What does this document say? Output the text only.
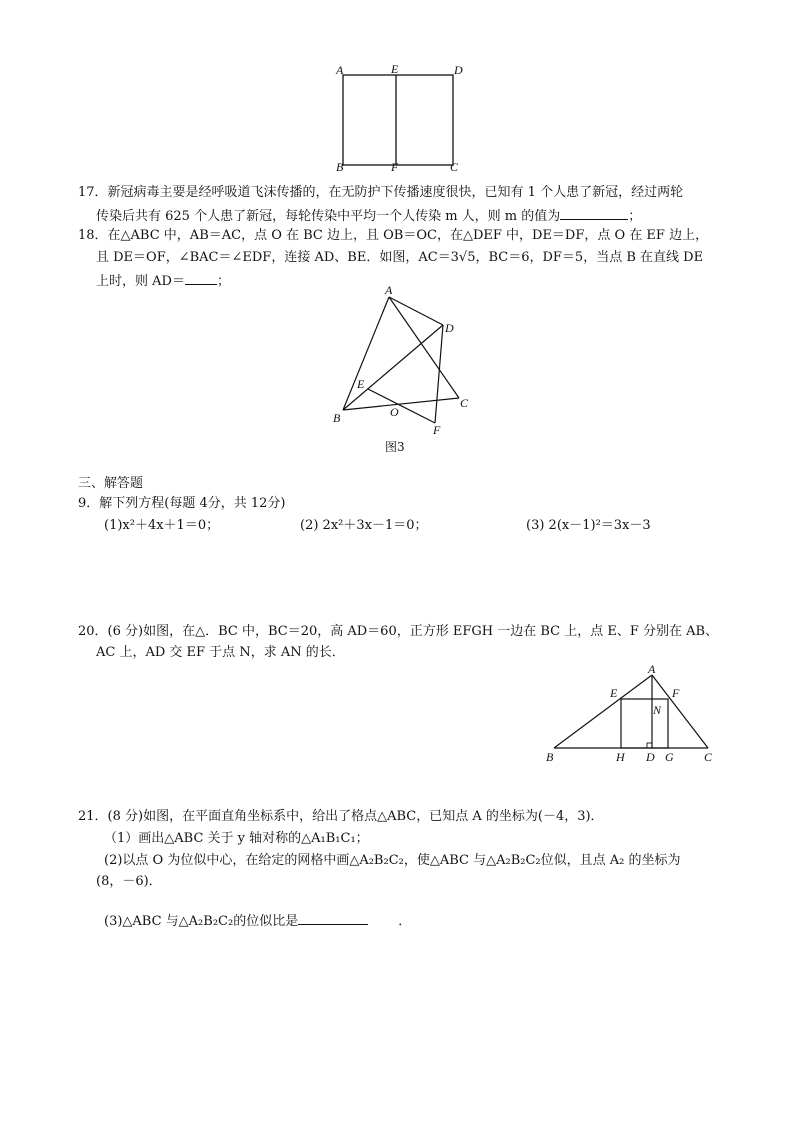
A	E	D
B	F	C
17．新冠病毒主要是经呼吸道飞沫传播的，在无防护下传播速度很快，已知有 1 个人患了新冠，经过两轮
传染后共有 625 个人患了新冠，每轮传染中平均一个人传染 m 人，则 m 的值为	；
18．在△ABC 中，AB＝AC，点 O 在 BC 边上，且 OB＝OC，在△DEF 中，DE＝DF，点 O 在 EF 边上，
且 DE＝OF，∠BAC＝∠EDF，连接 AD、BE．如图，AC＝3√5，BC＝6，DF＝5，当点 B 在直线 DE
上时，则 AD＝ ；
A
D
E
C
B	O
F
图3
三、解答题
9．解下列方程(每题 4分，共 12分)
(1)x²＋4x＋1＝0；	(2) 2x²＋3x－1＝0；	(3) 2(x－1)²＝3x－3
20．(6 分)如图，在△．BC 中，BC＝20，高 AD＝60，正方形 EFGH 一边在 BC 上，点 E、F 分别在 AB、
AC 上，AD 交 EF 于点 N，求 AN 的长．
A
E	F
N
B	H D G	C
21．(8 分)如图，在平面直角坐标系中，给出了格点△ABC，已知点 A 的坐标为(－4，3)．
（1）画出△ABC 关于 y 轴对称的△A₁B₁C₁；
(2)以点 O 为位似中心，在给定的网格中画△A₂B₂C₂，使△ABC 与△A₂B₂C₂位似，且点 A₂ 的坐标为
(8，－6)．
(3)△ABC 与△A₂B₂C₂的位似比是	．
